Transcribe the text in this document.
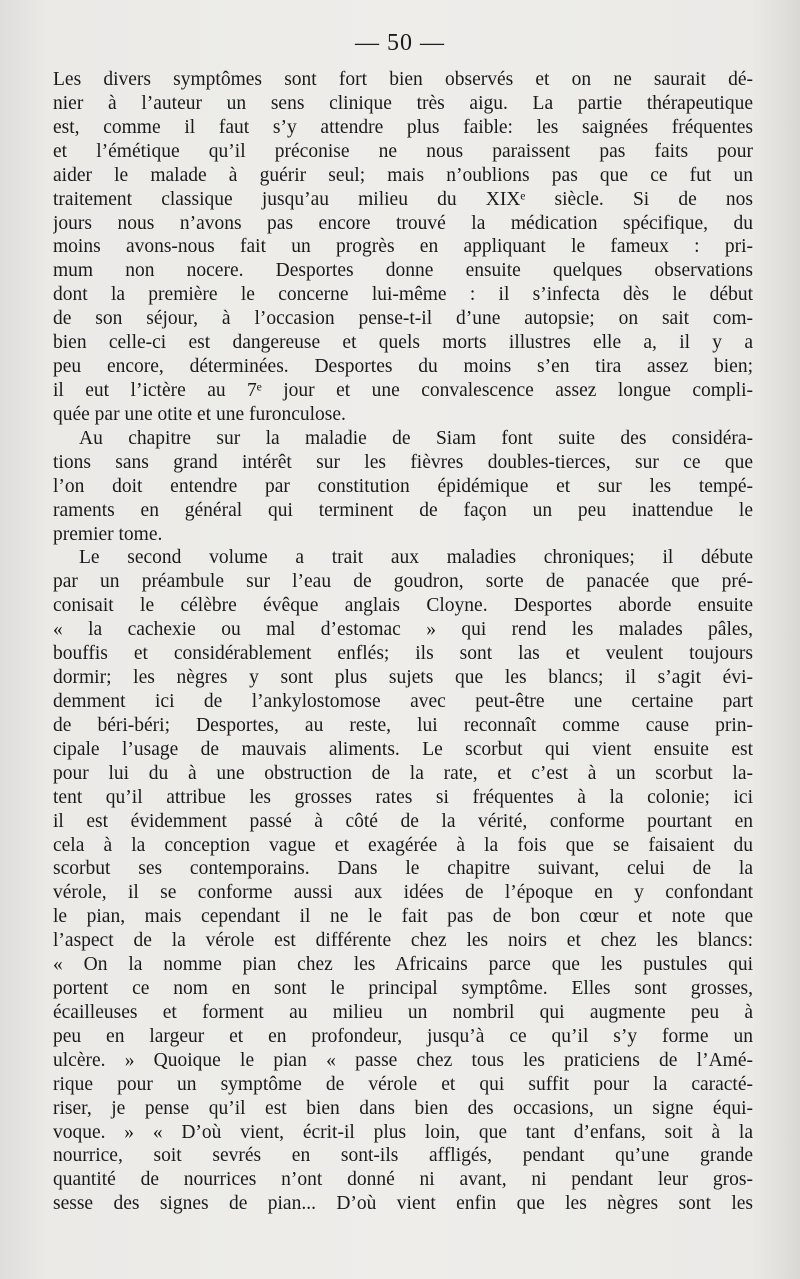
— 50 —
Les divers symptômes sont fort bien observés et on ne saurait dé-
nier à l’auteur un sens clinique très aigu. La partie thérapeutique
est, comme il faut s’y attendre plus faible: les saignées fréquentes
et l’émétique qu’il préconise ne nous paraissent pas faits pour
aider le malade à guérir seul; mais n’oublions pas que ce fut un
traitement classique jusqu’au milieu du XIXᵉ siècle. Si de nos
jours nous n’avons pas encore trouvé la médication spécifique, du
moins avons-nous fait un progrès en appliquant le fameux : pri-
mum non nocere. Desportes donne ensuite quelques observations
dont la première le concerne lui-même : il s’infecta dès le début
de son séjour, à l’occasion pense-t-il d’une autopsie; on sait com-
bien celle-ci est dangereuse et quels morts illustres elle a, il y a
peu encore, déterminées. Desportes du moins s’en tira assez bien;
il eut l’ictère au 7ᵉ jour et une convalescence assez longue compli-
quée par une otite et une furonculose.
Au chapitre sur la maladie de Siam font suite des considéra-
tions sans grand intérêt sur les fièvres doubles-tierces, sur ce que
l’on doit entendre par constitution épidémique et sur les tempé-
raments en général qui terminent de façon un peu inattendue le
premier tome.
Le second volume a trait aux maladies chroniques; il débute
par un préambule sur l’eau de goudron, sorte de panacée que pré-
conisait le célèbre évêque anglais Cloyne. Desportes aborde ensuite
« la cachexie ou mal d’estomac » qui rend les malades pâles,
bouffis et considérablement enflés; ils sont las et veulent toujours
dormir; les nègres y sont plus sujets que les blancs; il s’agit évi-
demment ici de l’ankylostomose avec peut-être une certaine part
de béri-béri; Desportes, au reste, lui reconnaît comme cause prin-
cipale l’usage de mauvais aliments. Le scorbut qui vient ensuite est
pour lui du à une obstruction de la rate, et c’est à un scorbut la-
tent qu’il attribue les grosses rates si fréquentes à la colonie; ici
il est évidemment passé à côté de la vérité, conforme pourtant en
cela à la conception vague et exagérée à la fois que se faisaient du
scorbut ses contemporains. Dans le chapitre suivant, celui de la
vérole, il se conforme aussi aux idées de l’époque en y confondant
le pian, mais cependant il ne le fait pas de bon cœur et note que
l’aspect de la vérole est différente chez les noirs et chez les blancs:
« On la nomme pian chez les Africains parce que les pustules qui
portent ce nom en sont le principal symptôme. Elles sont grosses,
écailleuses et forment au milieu un nombril qui augmente peu à
peu en largeur et en profondeur, jusqu’à ce qu’il s’y forme un
ulcère. » Quoique le pian « passe chez tous les praticiens de l’Amé-
rique pour un symptôme de vérole et qui suffit pour la caracté-
riser, je pense qu’il est bien dans bien des occasions, un signe équi-
voque. » « D’où vient, écrit-il plus loin, que tant d’enfans, soit à la
nourrice, soit sevrés en sont-ils affligés, pendant qu’une grande
quantité de nourrices n’ont donné ni avant, ni pendant leur gros-
sesse des signes de pian... D’où vient enfin que les nègres sont les
